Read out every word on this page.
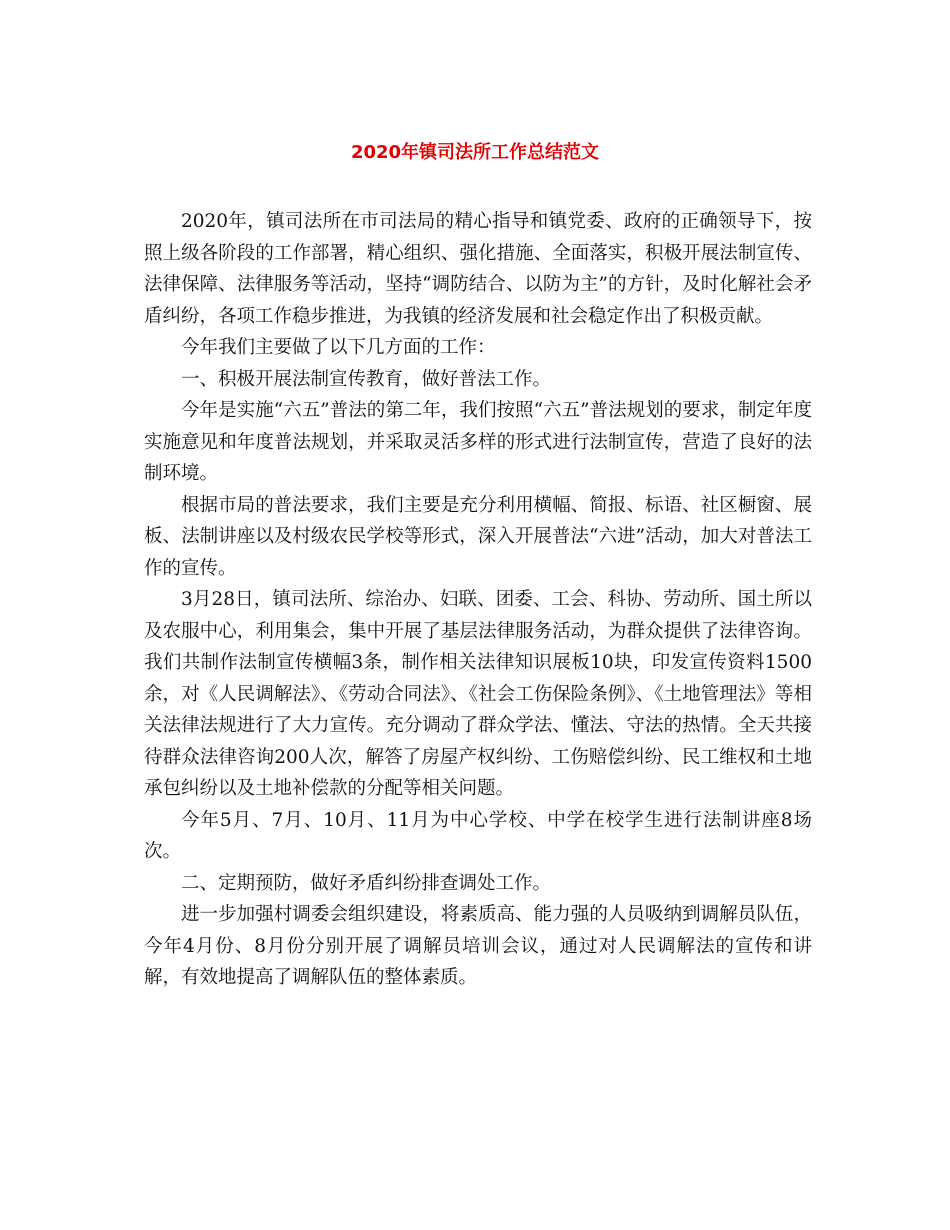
2020年镇司法所工作总结范文

2020年，镇司法所在市司法局的精心指导和镇党委、政府的正确领导下，按照上级各阶段的工作部署，精心组织、强化措施、全面落实，积极开展法制宣传、法律保障、法律服务等活动，坚持“调防结合、以防为主”的方针，及时化解社会矛盾纠纷，各项工作稳步推进，为我镇的经济发展和社会稳定作出了积极贡献。

今年我们主要做了以下几方面的工作：

一、积极开展法制宣传教育，做好普法工作。

今年是实施“六五”普法的第二年，我们按照“六五”普法规划的要求，制定年度实施意见和年度普法规划，并采取灵活多样的形式进行法制宣传，营造了良好的法制环境。

根据市局的普法要求，我们主要是充分利用横幅、简报、标语、社区橱窗、展板、法制讲座以及村级农民学校等形式，深入开展普法“六进”活动，加大对普法工作的宣传。

3月28日，镇司法所、综治办、妇联、团委、工会、科协、劳动所、国土所以及农服中心，利用集会，集中开展了基层法律服务活动，为群众提供了法律咨询。我们共制作法制宣传横幅3条，制作相关法律知识展板10块，印发宣传资料1500余，对《人民调解法》、《劳动合同法》、《社会工伤保险条例》、《土地管理法》等相关法律法规进行了大力宣传。充分调动了群众学法、懂法、守法的热情。全天共接待群众法律咨询200人次，解答了房屋产权纠纷、工伤赔偿纠纷、民工维权和土地承包纠纷以及土地补偿款的分配等相关问题。

今年5月、7月、10月、11月为中心学校、中学在校学生进行法制讲座8场次。

二、定期预防，做好矛盾纠纷排查调处工作。

进一步加强村调委会组织建设，将素质高、能力强的人员吸纳到调解员队伍，今年4月份、8月份分别开展了调解员培训会议，通过对人民调解法的宣传和讲解，有效地提高了调解队伍的整体素质。
